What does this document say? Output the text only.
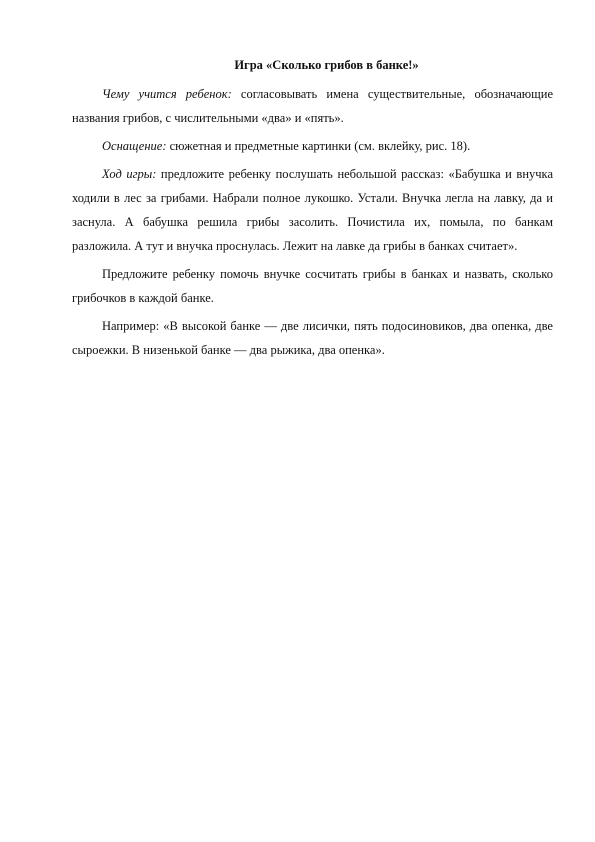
Игра «Сколько грибов в банке!»

Чему учится ребенок: согласовывать имена существительные, обозначающие названия грибов, с числительными «два» и «пять».

Оснащение: сюжетная и предметные картинки (см. вклейку, рис. 18).

Ход игры: предложите ребенку послушать небольшой рассказ: «Бабушка и внучка ходили в лес за грибами. Набрали полное лукошко. Устали. Внучка легла на лавку, да и заснула. А бабушка решила грибы засолить. Почистила их, помыла, по банкам разложила. А тут и внучка проснулась. Лежит на лавке да грибы в банках считает».

Предложите ребенку помочь внучке сосчитать грибы в банках и назвать, сколько грибочков в каждой банке.

Например: «В высокой банке — две лисички, пять подосиновиков, два опенка, две сыроежки. В низенькой банке — два рыжика, два опенка».
